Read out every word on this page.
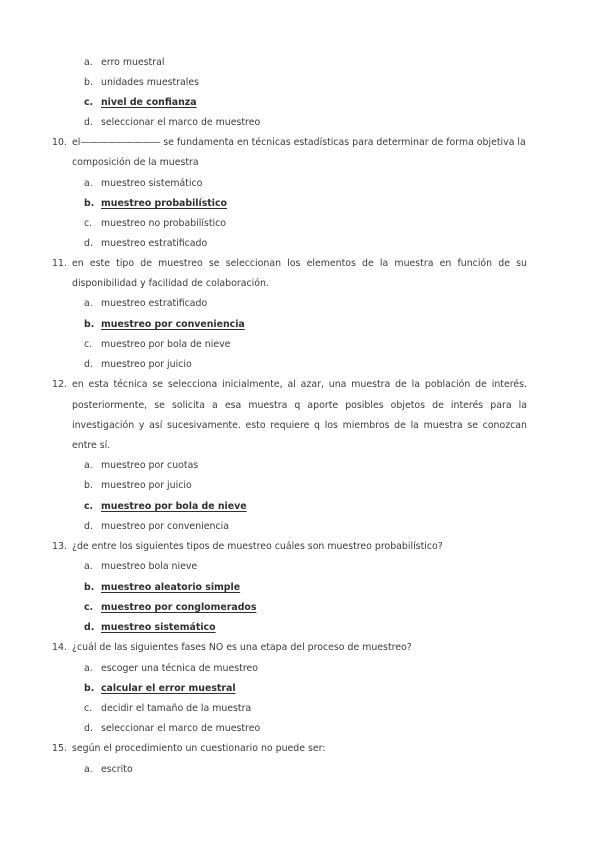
a. erro muestral
b. unidades muestrales
c. nivel de confianza
d. seleccionar el marco de muestreo
10. el————————— se fundamenta en técnicas estadísticas para determinar de forma objetiva la
composición de la muestra
a. muestreo sistemático
b. muestreo probabilístico
c. muestreo no probabilístico
d. muestreo estratificado
11. en este tipo de muestreo se seleccionan los elementos de la muestra en función de su
disponibilidad y facilidad de colaboración.
a. muestreo estratificado
b. muestreo por conveniencia
c. muestreo por bola de nieve
d. muestreo por juicio
12. en esta técnica se selecciona inicialmente, al azar, una muestra de la población de interés.
posteriormente, se solicita a esa muestra q aporte posibles objetos de interés para la
investigación y así sucesivamente. esto requiere q los miembros de la muestra se conozcan
entre sí.
a. muestreo por cuotas
b. muestreo por juicio
c. muestreo por bola de nieve
d. muestreo por conveniencia
13. ¿de entre los siguientes tipos de muestreo cuáles son muestreo probabilístico?
a. muestreo bola nieve
b. muestreo aleatorio simple
c. muestreo por conglomerados
d. muestreo sistemático
14. ¿cuál de las siguientes fases NO es una etapa del proceso de muestreo?
a. escoger una técnica de muestreo
b. calcular el error muestral
c. decidir el tamaño de la muestra
d. seleccionar el marco de muestreo
15. según el procedimiento un cuestionario no puede ser:
a. escrito
